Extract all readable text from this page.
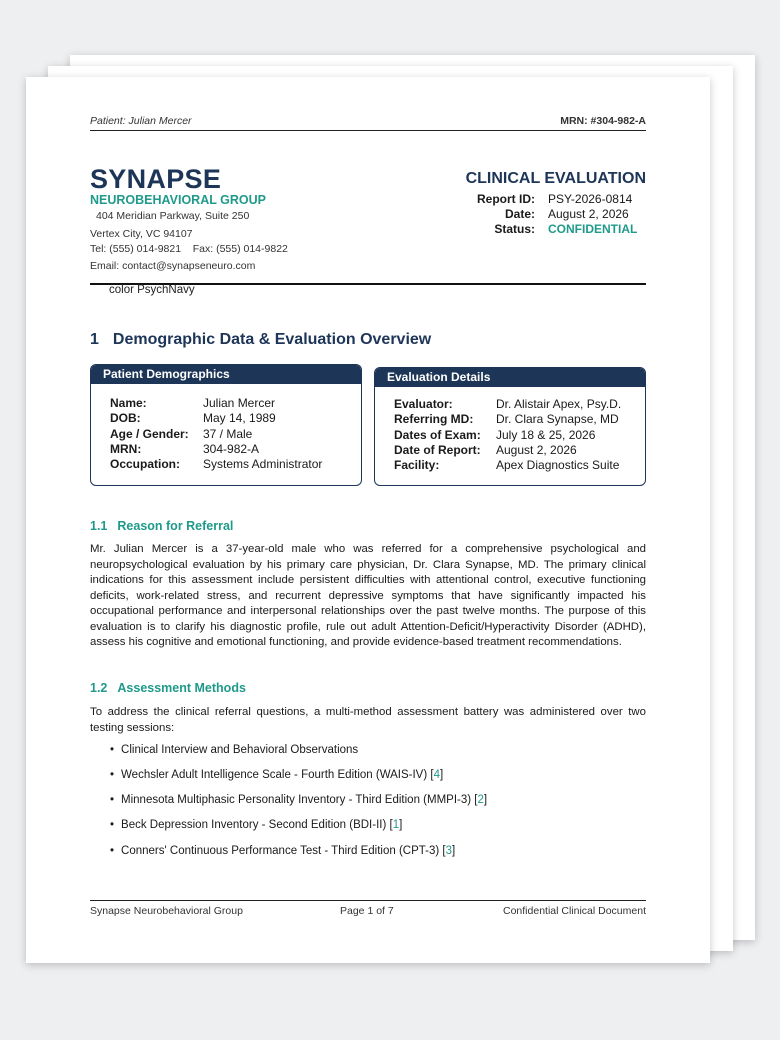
Patient: Julian Mercer	MRN: #304-982-A
SYNAPSE
NEUROBEHAVIORAL GROUP
404 Meridian Parkway, Suite 250
Vertex City, VC 94107
Tel: (555) 014-9821 Fax: (555) 014-9822
Email: contact@synapseneuro.com
CLINICAL EVALUATION
Report ID: PSY-2026-0814
Date: August 2, 2026
Status: CONFIDENTIAL
color PsychNavy
1 Demographic Data & Evaluation Overview
Patient Demographics
Name:	Julian Mercer
DOB:	May 14, 1989
Age / Gender:	37 / Male
MRN:	304-982-A
Occupation:	Systems Administrator
Evaluation Details
Evaluator:	Dr. Alistair Apex, Psy.D.
Referring MD:	Dr. Clara Synapse, MD
Dates of Exam:	July 18 & 25, 2026
Date of Report:	August 2, 2026
Facility:	Apex Diagnostics Suite
1.1 Reason for Referral
Mr. Julian Mercer is a 37-year-old male who was referred for a comprehensive psychological and neuropsychological evaluation by his primary care physician, Dr. Clara Synapse, MD. The primary clinical indications for this assessment include persistent difficulties with attentional control, executive functioning deficits, work-related stress, and recurrent depressive symptoms that have significantly impacted his occupational performance and interpersonal relationships over the past twelve months. The purpose of this evaluation is to clarify his diagnostic profile, rule out adult Attention-Deficit/Hyperactivity Disorder (ADHD), assess his cognitive and emotional functioning, and provide evidence-based treatment recommendations.
1.2 Assessment Methods
To address the clinical referral questions, a multi-method assessment battery was administered over two testing sessions:
• Clinical Interview and Behavioral Observations
• Wechsler Adult Intelligence Scale - Fourth Edition (WAIS-IV) [4]
• Minnesota Multiphasic Personality Inventory - Third Edition (MMPI-3) [2]
• Beck Depression Inventory - Second Edition (BDI-II) [1]
• Conners' Continuous Performance Test - Third Edition (CPT-3) [3]
Synapse Neurobehavioral Group	Page 1 of 7	Confidential Clinical Document
